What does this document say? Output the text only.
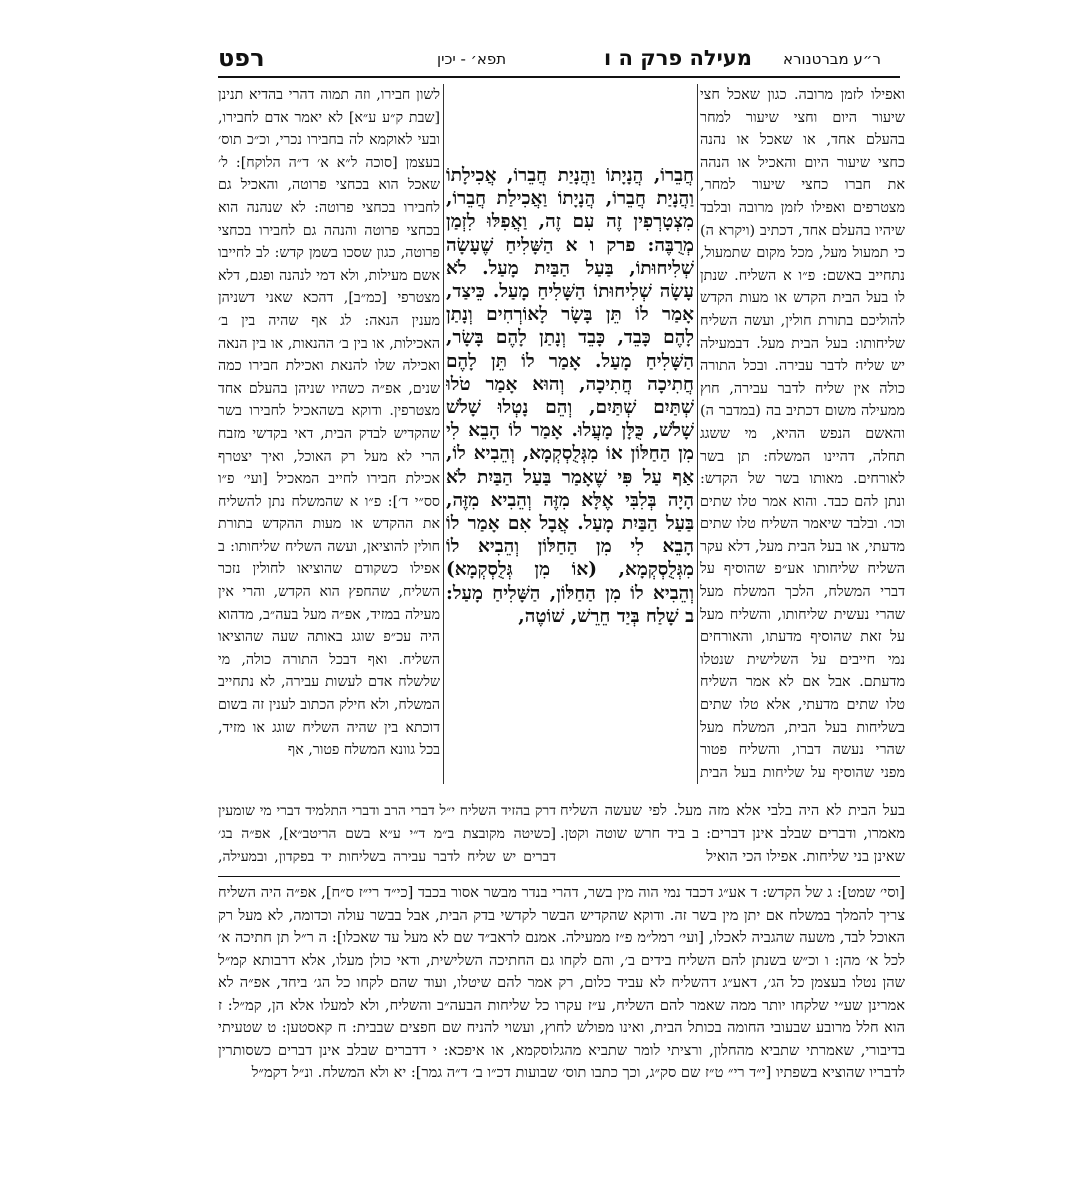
רפט	תפא׳ - יכין	מעילה פרק ה ו ר״ע מברטנורא

ואפילו לזמן מרובה. כגון שאכל חצי שיעור היום וחצי שיעור למחר בהעלם אחד, או שאכל או נהנה כחצי שיעור היום והאכיל או הנהה את חברו כחצי שיעור למחר, מצטרפים ואפילו לזמן מרובה ובלבד שיהיו בהעלם אחד, דכתיב (ויקרא ה) כי תמעול מעל, מכל מקום שתמעול, נתחייב באשם: פ״ו א השליח. שנתן לו בעל הבית הקדש או מעות הקדש להוליכם בתורת חולין, ועשה השליח שליחותו: בעל הבית מעל. דבמעילה יש שליח לדבר עבירה. ובכל התורה כולה אין שליח לדבר עבירה, חוץ ממעילה משום דכתיב בה (במדבר ה) והאשם הנפש ההיא, מי ששגג תחלה, דהיינו המשלח: תן בשר לאורחים. מאותו בשר של הקדש: ונתן להם כבד. והוא אמר טלו שתים וכו׳. ובלבד שיאמר השליח טלו שתים מדעתי, או בעל הבית מעל, דלא עקר השליח שליחותו אע״פ שהוסיף על דברי המשלח, הלכך המשלח מעל שהרי נעשית שליחותו, והשליח מעל על זאת שהוסיף מדעתו, והאורחים נמי חייבים על השלישית שנטלו מדעתם. אבל אם לא אמר השליח טלו שתים מדעתי, אלא טלו שתים בשליחות בעל הבית, המשלח מעל שהרי נעשה דברו, והשליח פטור מפני שהוסיף על שליחות בעל הבית

חֲבֵרוֹ, הֲנָיָתוֹ וַהֲנָיַת חֲבֵרוֹ, אֲכִילָתוֹ וַהֲנָיַת חֲבֵרוֹ, הֲנָיָתוֹ וַאֲכִילַת חֲבֵרוֹ, מִצְטָרְפִין זֶה עִם זֶה, וַאֲפִלּוּ לִזְמַן מְרֻבֶּה: פרק ו א הַשָּׁלִיחַ שֶׁעָשָׂה שְׁלִיחוּתוֹ, בַּעַל הַבַּיִת מָעַל. לֹא עָשָׂה שְׁלִיחוּתוֹ הַשָּׁלִיחַ מָעַל. כֵּיצַד, אָמַר לוֹ תֵּן בָּשָׂר לָאוֹרְחִים וְנָתַן לָהֶם כָּבֵד, כָּבֵד וְנָתַן לָהֶם בָּשָׂר, הַשָּׁלִיחַ מָעַל. אָמַר לוֹ תֵּן לָהֶם חֲתִיכָה חֲתִיכָה, וְהוּא אָמַר טֹלוּ שְׁתַּיִם שְׁתַּיִם, וְהֵם נָטְלוּ שָׁלֹשׁ שָׁלֹשׁ, כֻּלָּן מָעֲלוּ. אָמַר לוֹ הָבֵא לִי מִן הַחַלּוֹן אוֹ מִגְּלֻסְקְמָא, וְהֵבִיא לוֹ, אַף עַל פִּי שֶׁאָמַר בַּעַל הַבַּיִת לֹא הָיָה בְּלִבִּי אֶלָּא מִזֶּה וְהֵבִיא מִזֶּה, בַּעַל הַבַּיִת מָעַל. אֲבָל אִם אָמַר לוֹ הָבֵא לִי מִן הַחַלּוֹן וְהֵבִיא לוֹ מִגְּלֻסְקְמָא, (אוֹ מִן גְּלֻסְקְמָא) וְהֵבִיא לוֹ מִן הַחַלּוֹן, הַשָּׁלִיחַ מָעַל: ב שָׁלַח בְּיַד חֵרֵשׁ, שׁוֹטֶה,

לשון חבירו, וזה תמוה דהרי בהדיא תנינן [שבת ק״ע ע״א] לא יאמר אדם לחבירו, ובעי לאוקמא לה בחבירו נכרי, וכ״כ תוס׳ בעצמן [סוכה ל״א א׳ ד״ה הלוקח]: ל׳ שאכל הוא בכחצי פרוטה, והאכיל גם לחבירו בכחצי פרוטה: לא שנהנה הוא בכחצי פרוטה והנהה גם לחבירו בכחצי פרוטה, כגון שסכו בשמן קדש: לב לחייבו אשם מעילות, ולא דמי לנהנה ופגם, דלא מצטרפי [כמ״ב], דהכא שאני דשניהן מענין הנאה: לג אף שהיה בין ב׳ האכילות, או בין ב׳ ההנאות, או בין הנאה ואכילה שלו להנאת ואכילת חבירו כמה שנים, אפ״ה כשהיו שניהן בהעלם אחד מצטרפין. ודוקא בשהאכיל לחבירו בשר שהקדיש לבדק הבית, דאי בקדשי מזבח הרי לא מעל רק האוכל, ואיך יצטרף אכילת חבירו לחייב המאכיל [ועי׳ פ״ו סס״י ד׳]: פ״ו א שהמשלח נתן להשליח את ההקדש או מעות ההקדש בתורת חולין להוציאן, ועשה השליח שליחותו: ב אפילו כשקודם שהוציאו לחולין נזכר השליח, שהחפץ הוא הקדש, והרי אין מעילה במזיד, אפ״ה מעל בעה״ב, מדהוא היה עכ״פ שוגג באותה שעה שהוציאו השליח. ואף דבכל התורה כולה, מי שלשלח אדם לעשות עבירה, לא נתחייב המשלח, ולא חילק הכתוב לענין זה בשום דוכתא בין שהיה השליח שוגג או מזיד, בכל גוונא המשלח פטור, אף

בעל הבית לא היה בלבי אלא מזה מעל. לפי שעשה השליח מאמרו, ודברים שבלב אינן דברים: ב ביד חרש שוטה וקטן. שאינן בני שליחות. אפילו הכי הואיל

דרק בהזיד השליח י״ל דברי הרב ודברי התלמיד דברי מי שומעין [כשיטה מקובצת ב״מ ד״י ע״א בשם הריטב״א], אפ״ה בג׳ דברים יש שליח לדבר עבירה בשליחות יד בפקדון, ובמעילה,

[וסי׳ שמט]: ג של הקדש: ד אע״ג דכבד נמי הוה מין בשר, דהרי בנדר מבשר אסור בכבד [כי״ד רי״ז ס״ח], אפ״ה היה השליח צריך להמלך במשלח אם יתן מין בשר זה. ודוקא שהקדיש הבשר לקדשי בדק הבית, אבל בבשר עולה וכדומה, לא מעל רק האוכל לבד, משעה שהגביה לאכלו, [ועי׳ רמל״מ פ״ז ממעילה. אמנם לראב״ד שם לא מעל עד שאכלו]: ה ר״ל תן חתיכה א׳ לכל א׳ מהן: ו וכ״ש בשנתן להם השליח בידים ב׳, והם לקחו גם החתיכה השלישית, ודאי כולן מעלו, אלא דרבותא קמ״ל שהן נטלו בעצמן כל הג׳, דאע״ג דהשליח לא עביד כלום, רק אמר להם שיטלו, ועוד שהם לקחו כל הג׳ ביחד, אפ״ה לא אמרינן שע״י שלקחו יותר ממה שאמר להם השליח, ע״ז עקרו כל שליחות הבעה״ב והשליח, ולא למעלו אלא הן, קמ״ל: ז הוא חלל מרובע שבעובי החומה בכותל הבית, ואינו מפולש לחוץ, ועשוי להניח שם חפצים שבבית: ח קאסטען: ט שטעיתי בדיבורי, שאמרתי שתביא מהחלון, ורציתי לומר שתביא מהגלוסקמא, או איפכא: י דדברים שבלב אינן דברים כשסותרין לדבריו שהוציא בשפתיו [י״ד רי״ ט״ז שם סק״ג, וכך כתבו תוס׳ שבועות דכ״ו ב׳ ד״ה גמר]: יא ולא המשלח. ונ״ל דקמ״ל
